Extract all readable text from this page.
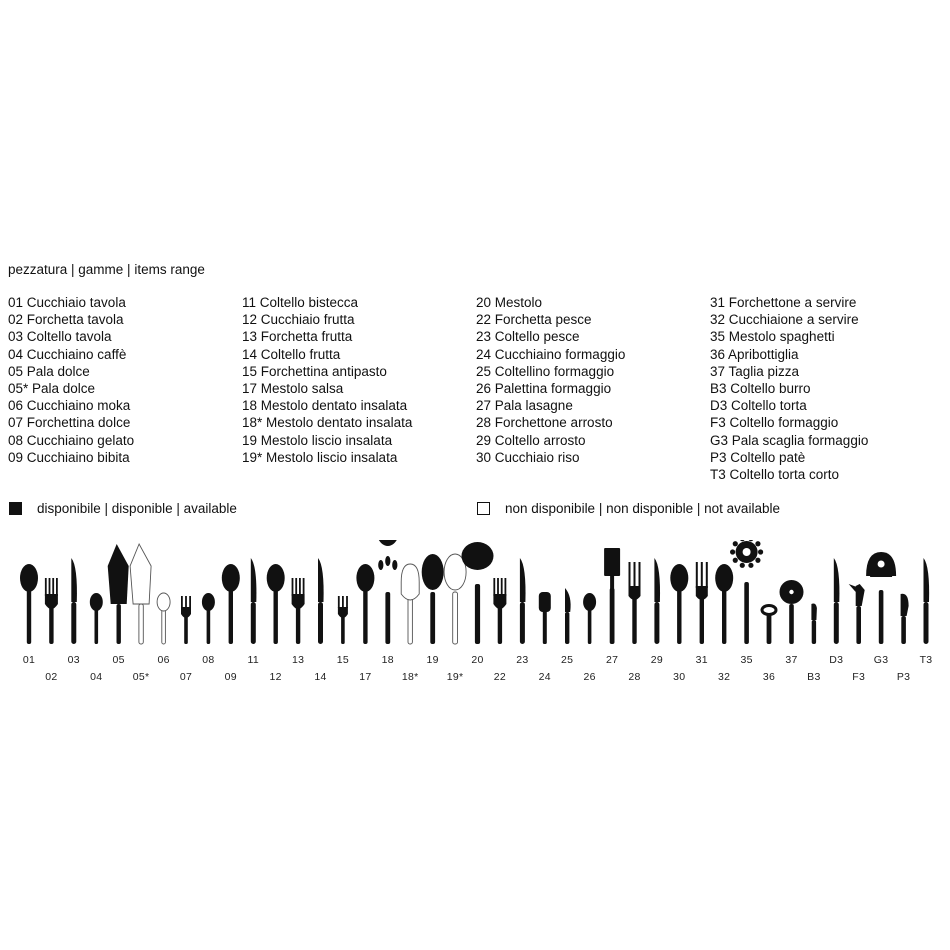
pezzatura | gamme | items range
01 Cucchiaio tavola
02 Forchetta tavola
03 Coltello tavola
04 Cucchiaino caffè
05 Pala dolce
05* Pala dolce
06 Cucchiaino moka
07 Forchettina dolce
08 Cucchiaino gelato
09 Cucchiaino bibita
11 Coltello bistecca
12 Cucchiaio frutta
13 Forchetta frutta
14 Coltello frutta
15 Forchettina antipasto
17 Mestolo salsa
18 Mestolo dentato insalata
18* Mestolo dentato insalata
19 Mestolo liscio insalata
19* Mestolo liscio insalata
20 Mestolo
22 Forchetta pesce
23 Coltello pesce
24 Cucchiaino formaggio
25 Coltellino formaggio
26 Palettina formaggio
27 Pala lasagne
28 Forchettone arrosto
29 Coltello arrosto
30 Cucchiaio riso
31 Forchettone a servire
32 Cucchiaione a servire
35 Mestolo spaghetti
36 Apribottiglia
37 Taglia pizza
B3 Coltello burro
D3 Coltello torta
F3 Coltello formaggio
G3 Pala scaglia formaggio
P3 Coltello patè
T3 Coltello torta corto
disponibile | disponible | available	non disponibile | non disponible | not available
01
02
03
04
05
05*
06
07
08
09
11
12
13
14
15
17
18
18*
19
19*
20
22
23
24
25
26
27
28
29
30
31
32
35
36
37
B3
D3
F3
G3
P3
T3
